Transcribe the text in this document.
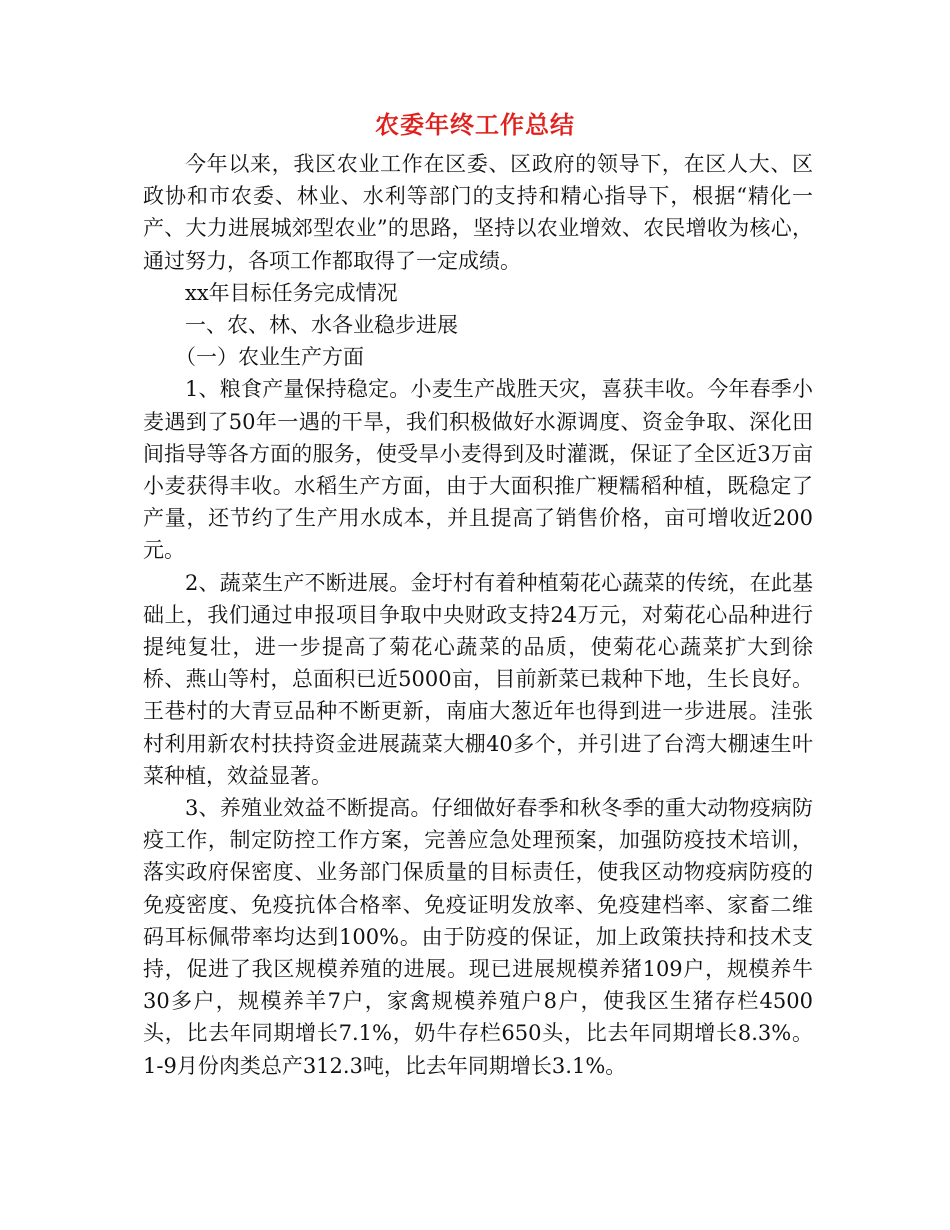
农委年终工作总结

今年以来，我区农业工作在区委、区政府的领导下，在区人大、区政协和市农委、林业、水利等部门的支持和精心指导下，根据“精化一产、大力进展城郊型农业”的思路，坚持以农业增效、农民增收为核心，通过努力，各项工作都取得了一定成绩。

xx年目标任务完成情况

一、农、林、水各业稳步进展

（一）农业生产方面

1、粮食产量保持稳定。小麦生产战胜天灾，喜获丰收。今年春季小麦遇到了50年一遇的干旱，我们积极做好水源调度、资金争取、深化田间指导等各方面的服务，使受旱小麦得到及时灌溉，保证了全区近3万亩小麦获得丰收。水稻生产方面，由于大面积推广粳糯稻种植，既稳定了产量，还节约了生产用水成本，并且提高了销售价格，亩可增收近200元。

2、蔬菜生产不断进展。金圩村有着种植菊花心蔬菜的传统，在此基础上，我们通过申报项目争取中央财政支持24万元，对菊花心品种进行提纯复壮，进一步提高了菊花心蔬菜的品质，使菊花心蔬菜扩大到徐桥、燕山等村，总面积已近5000亩，目前新菜已栽种下地，生长良好。王巷村的大青豆品种不断更新，南庙大葱近年也得到进一步进展。洼张村利用新农村扶持资金进展蔬菜大棚40多个，并引进了台湾大棚速生叶菜种植，效益显著。

3、养殖业效益不断提高。仔细做好春季和秋冬季的重大动物疫病防疫工作，制定防控工作方案，完善应急处理预案，加强防疫技术培训，落实政府保密度、业务部门保质量的目标责任，使我区动物疫病防疫的免疫密度、免疫抗体合格率、免疫证明发放率、免疫建档率、家畜二维码耳标佩带率均达到100%。由于防疫的保证，加上政策扶持和技术支持，促进了我区规模养殖的进展。现已进展规模养猪109户，规模养牛30多户，规模养羊7户，家禽规模养殖户8户，使我区生猪存栏4500头，比去年同期增长7.1%，奶牛存栏650头，比去年同期增长8.3%。 1-9月份肉类总产312.3吨，比去年同期增长3.1%。
